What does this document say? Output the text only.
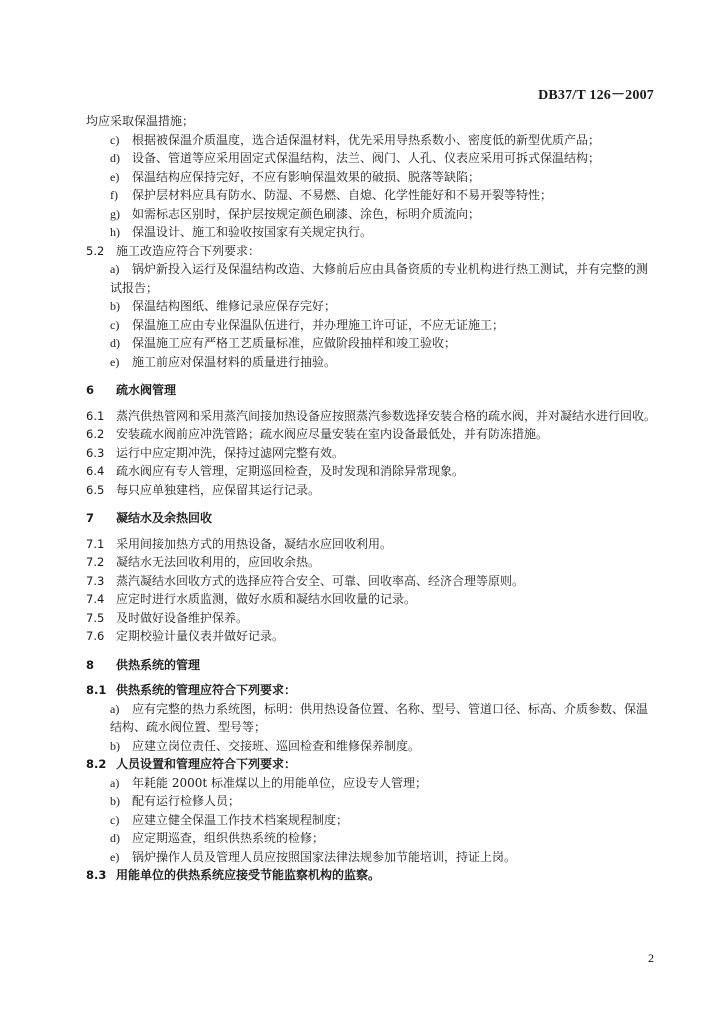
DB37/T 126－2007

均应采取保温措施；

c) 根据被保温介质温度，选合适保温材料，优先采用导热系数小、密度低的新型优质产品；

d) 设备、管道等应采用固定式保温结构，法兰、阀门、人孔、仪表应采用可拆式保温结构；

e) 保温结构应保持完好，不应有影响保温效果的破损、脱落等缺陷；

f) 保护层材料应具有防水、防湿、不易燃、自熄、化学性能好和不易开裂等特性；

g) 如需标志区别时，保护层按规定颜色刷漆、涂色，标明介质流向；

h) 保温设计、施工和验收按国家有关规定执行。

5.2 施工改造应符合下列要求：

a) 锅炉新投入运行及保温结构改造、大修前后应由具备资质的专业机构进行热工测试，并有完整的测试报告；

b) 保温结构图纸、维修记录应保存完好；

c) 保温施工应由专业保温队伍进行，并办理施工许可证，不应无证施工；

d) 保温施工应有严格工艺质量标准，应做阶段抽样和竣工验收；

e) 施工前应对保温材料的质量进行抽验。

6 疏水阀管理

6.1 蒸汽供热管网和采用蒸汽间接加热设备应按照蒸汽参数选择安装合格的疏水阀，并对凝结水进行回收。

6.2 安装疏水阀前应冲洗管路；疏水阀应尽量安装在室内设备最低处，并有防冻措施。

6.3 运行中应定期冲洗，保持过滤网完整有效。

6.4 疏水阀应有专人管理，定期巡回检查，及时发现和消除异常现象。

6.5 每只应单独建档，应保留其运行记录。

7 凝结水及余热回收

7.1 采用间接加热方式的用热设备，凝结水应回收利用。

7.2 凝结水无法回收利用的，应回收余热。

7.3 蒸汽凝结水回收方式的选择应符合安全、可靠、回收率高、经济合理等原则。

7.4 应定时进行水质监测，做好水质和凝结水回收量的记录。

7.5 及时做好设备维护保养。

7.6 定期校验计量仪表并做好记录。

8 供热系统的管理

8.1 供热系统的管理应符合下列要求：

a) 应有完整的热力系统图，标明：供用热设备位置、名称、型号、管道口径、标高、介质参数、保温结构、疏水阀位置、型号等；

b) 应建立岗位责任、交接班、巡回检查和维修保养制度。

8.2 人员设置和管理应符合下列要求：

a) 年耗能 2000t 标准煤以上的用能单位，应设专人管理；

b) 配有运行检修人员；

c) 应建立健全保温工作技术档案规程制度；

d) 应定期巡查，组织供热系统的检修；

e) 锅炉操作人员及管理人员应按照国家法律法规参加节能培训，持证上岗。

8.3 用能单位的供热系统应接受节能监察机构的监察。

2
